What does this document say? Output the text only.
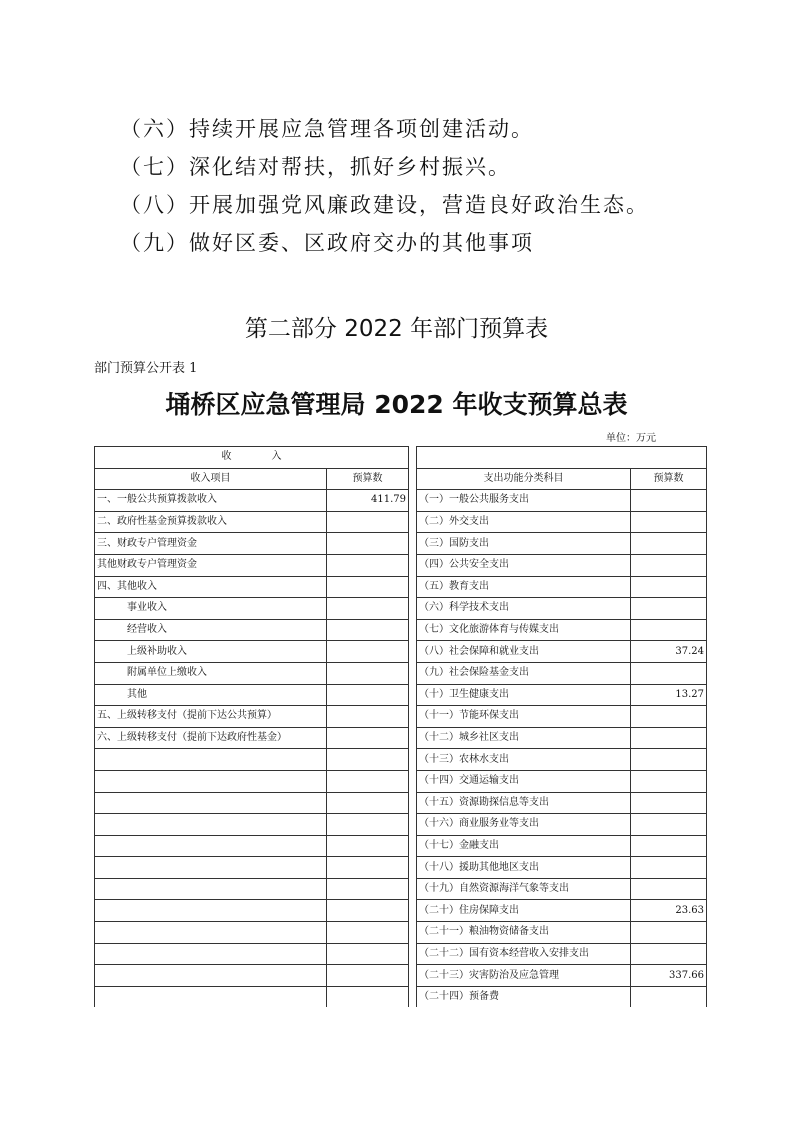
（六）持续开展应急管理各项创建活动。
（七）深化结对帮扶，抓好乡村振兴。
（八）开展加强党风廉政建设，营造良好政治生态。
（九）做好区委、区政府交办的其他事项
第二部分 2022 年部门预算表
部门预算公开表 1
埇桥区应急管理局 2022 年收支预算总表
单位：万元
收　　　　入				
收入项目	预算数		支出功能分类科目	预算数
一、一般公共预算拨款收入	411.79		（一）一般公共服务支出	
二、政府性基金预算拨款收入			（二）外交支出	
三、财政专户管理资金			（三）国防支出	
其他财政专户管理资金			（四）公共安全支出	
四、其他收入			（五）教育支出	
事业收入			（六）科学技术支出	
经营收入			（七）文化旅游体育与传媒支出	
上级补助收入			（八）社会保障和就业支出	37.24
附属单位上缴收入			（九）社会保险基金支出	
其他			（十）卫生健康支出	13.27
五、上级转移支付（提前下达公共预算）			（十一）节能环保支出	
六、上级转移支付（提前下达政府性基金）			（十二）城乡社区支出	
			（十三）农林水支出	
			（十四）交通运输支出	
			（十五）资源勘探信息等支出	
			（十六）商业服务业等支出	
			（十七）金融支出	
			（十八）援助其他地区支出	
			（十九）自然资源海洋气象等支出	
			（二十）住房保障支出	23.63
			（二十一）粮油物资储备支出	
			（二十二）国有资本经营收入安排支出	
			（二十三）灾害防治及应急管理	337.66
			（二十四）预备费	
